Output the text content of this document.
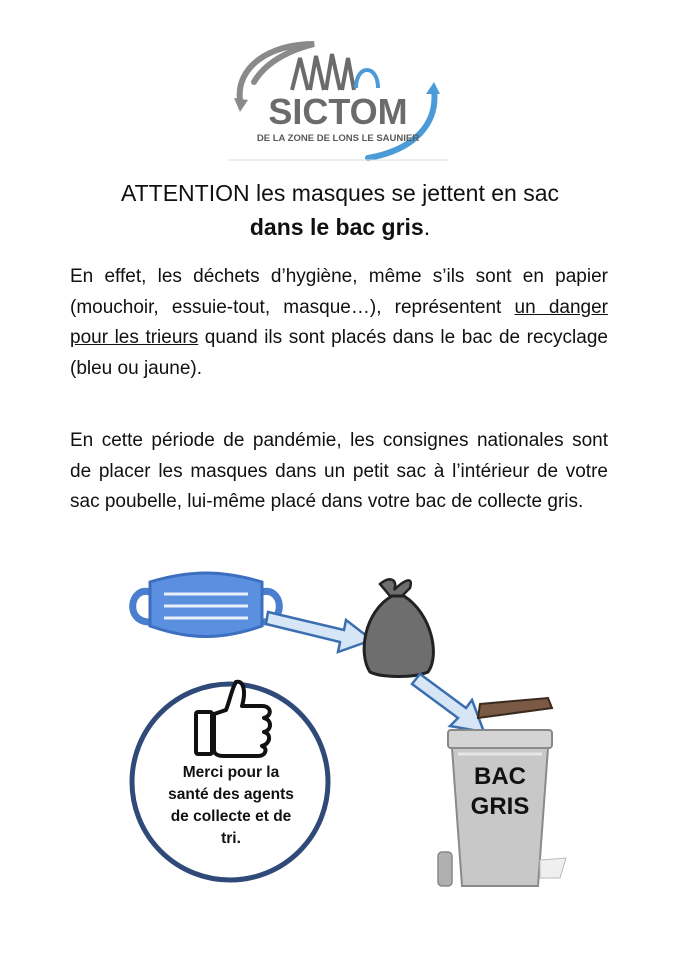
SICTOM
DE LA ZONE DE LONS LE SAUNIER
ATTENTION les masques se jettent en sac
dans le bac gris.

En effet, les déchets d’hygiène, même s’ils sont en papier (mouchoir, essuie-tout, masque…), représentent un danger pour les trieurs quand ils sont placés dans le bac de recyclage (bleu ou jaune).

En cette période de pandémie, les consignes nationales sont de placer les masques dans un petit sac à l’intérieur de votre sac poubelle, lui-même placé dans votre bac de collecte gris.

Merci pour la
santé des agents
de collecte et de
tri.
BAC
GRIS
